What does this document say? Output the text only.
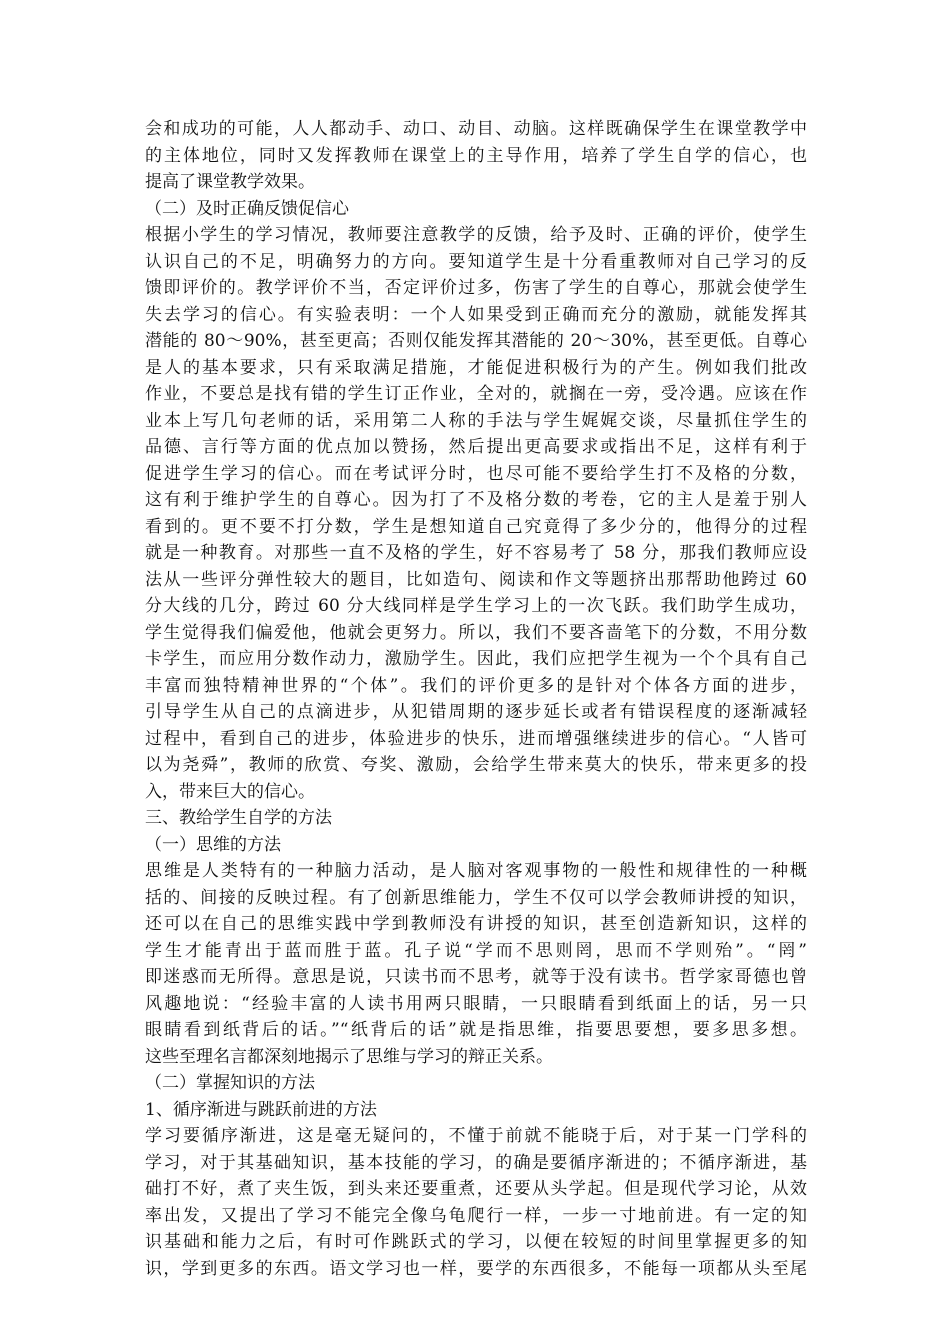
会和成功的可能，人人都动手、动口、动目、动脑。这样既确保学生在课堂教学中
的主体地位，同时又发挥教师在课堂上的主导作用，培养了学生自学的信心，也
提高了课堂教学效果。
（二）及时正确反馈促信心
根据小学生的学习情况，教师要注意教学的反馈，给予及时、正确的评价，使学生
认识自己的不足，明确努力的方向。要知道学生是十分看重教师对自己学习的反
馈即评价的。教学评价不当，否定评价过多，伤害了学生的自尊心，那就会使学生
失去学习的信心。有实验表明：一个人如果受到正确而充分的激励，就能发挥其
潜能的 80～90%，甚至更高；否则仅能发挥其潜能的 20～30%，甚至更低。自尊心
是人的基本要求，只有采取满足措施，才能促进积极行为的产生。例如我们批改
作业，不要总是找有错的学生订正作业，全对的，就搁在一旁，受冷遇。应该在作
业本上写几句老师的话，采用第二人称的手法与学生娓娓交谈，尽量抓住学生的
品德、言行等方面的优点加以赞扬，然后提出更高要求或指出不足，这样有利于
促进学生学习的信心。而在考试评分时，也尽可能不要给学生打不及格的分数，
这有利于维护学生的自尊心。因为打了不及格分数的考卷，它的主人是羞于别人
看到的。更不要不打分数，学生是想知道自己究竟得了多少分的，他得分的过程
就是一种教育。对那些一直不及格的学生，好不容易考了 58 分，那我们教师应设
法从一些评分弹性较大的题目，比如造句、阅读和作文等题挤出那帮助他跨过 60
分大线的几分，跨过 60 分大线同样是学生学习上的一次飞跃。我们助学生成功，
学生觉得我们偏爱他，他就会更努力。所以，我们不要吝啬笔下的分数，不用分数
卡学生，而应用分数作动力，激励学生。因此，我们应把学生视为一个个具有自己
丰富而独特精神世界的“个体”。我们的评价更多的是针对个体各方面的进步，
引导学生从自己的点滴进步，从犯错周期的逐步延长或者有错误程度的逐渐减轻
过程中，看到自己的进步，体验进步的快乐，进而增强继续进步的信心。“人皆可
以为尧舜”，教师的欣赏、夸奖、激励，会给学生带来莫大的快乐，带来更多的投
入，带来巨大的信心。
三、教给学生自学的方法
（一）思维的方法
思维是人类特有的一种脑力活动，是人脑对客观事物的一般性和规律性的一种概
括的、间接的反映过程。有了创新思维能力，学生不仅可以学会教师讲授的知识，
还可以在自己的思维实践中学到教师没有讲授的知识，甚至创造新知识，这样的
学生才能青出于蓝而胜于蓝。孔子说“学而不思则罔，思而不学则殆”。“罔”
即迷惑而无所得。意思是说，只读书而不思考，就等于没有读书。哲学家哥德也曾
风趣地说：“经验丰富的人读书用两只眼睛，一只眼睛看到纸面上的话，另一只
眼睛看到纸背后的话。”“纸背后的话”就是指思维，指要思要想，要多思多想。
这些至理名言都深刻地揭示了思维与学习的辩正关系。
（二）掌握知识的方法
1、循序渐进与跳跃前进的方法
学习要循序渐进，这是毫无疑问的，不懂于前就不能晓于后，对于某一门学科的
学习，对于其基础知识，基本技能的学习，的确是要循序渐进的；不循序渐进，基
础打不好，煮了夹生饭，到头来还要重煮，还要从头学起。但是现代学习论，从效
率出发，又提出了学习不能完全像乌龟爬行一样，一步一寸地前进。有一定的知
识基础和能力之后，有时可作跳跃式的学习，以便在较短的时间里掌握更多的知
识，学到更多的东西。语文学习也一样，要学的东西很多，不能每一项都从头至尾
